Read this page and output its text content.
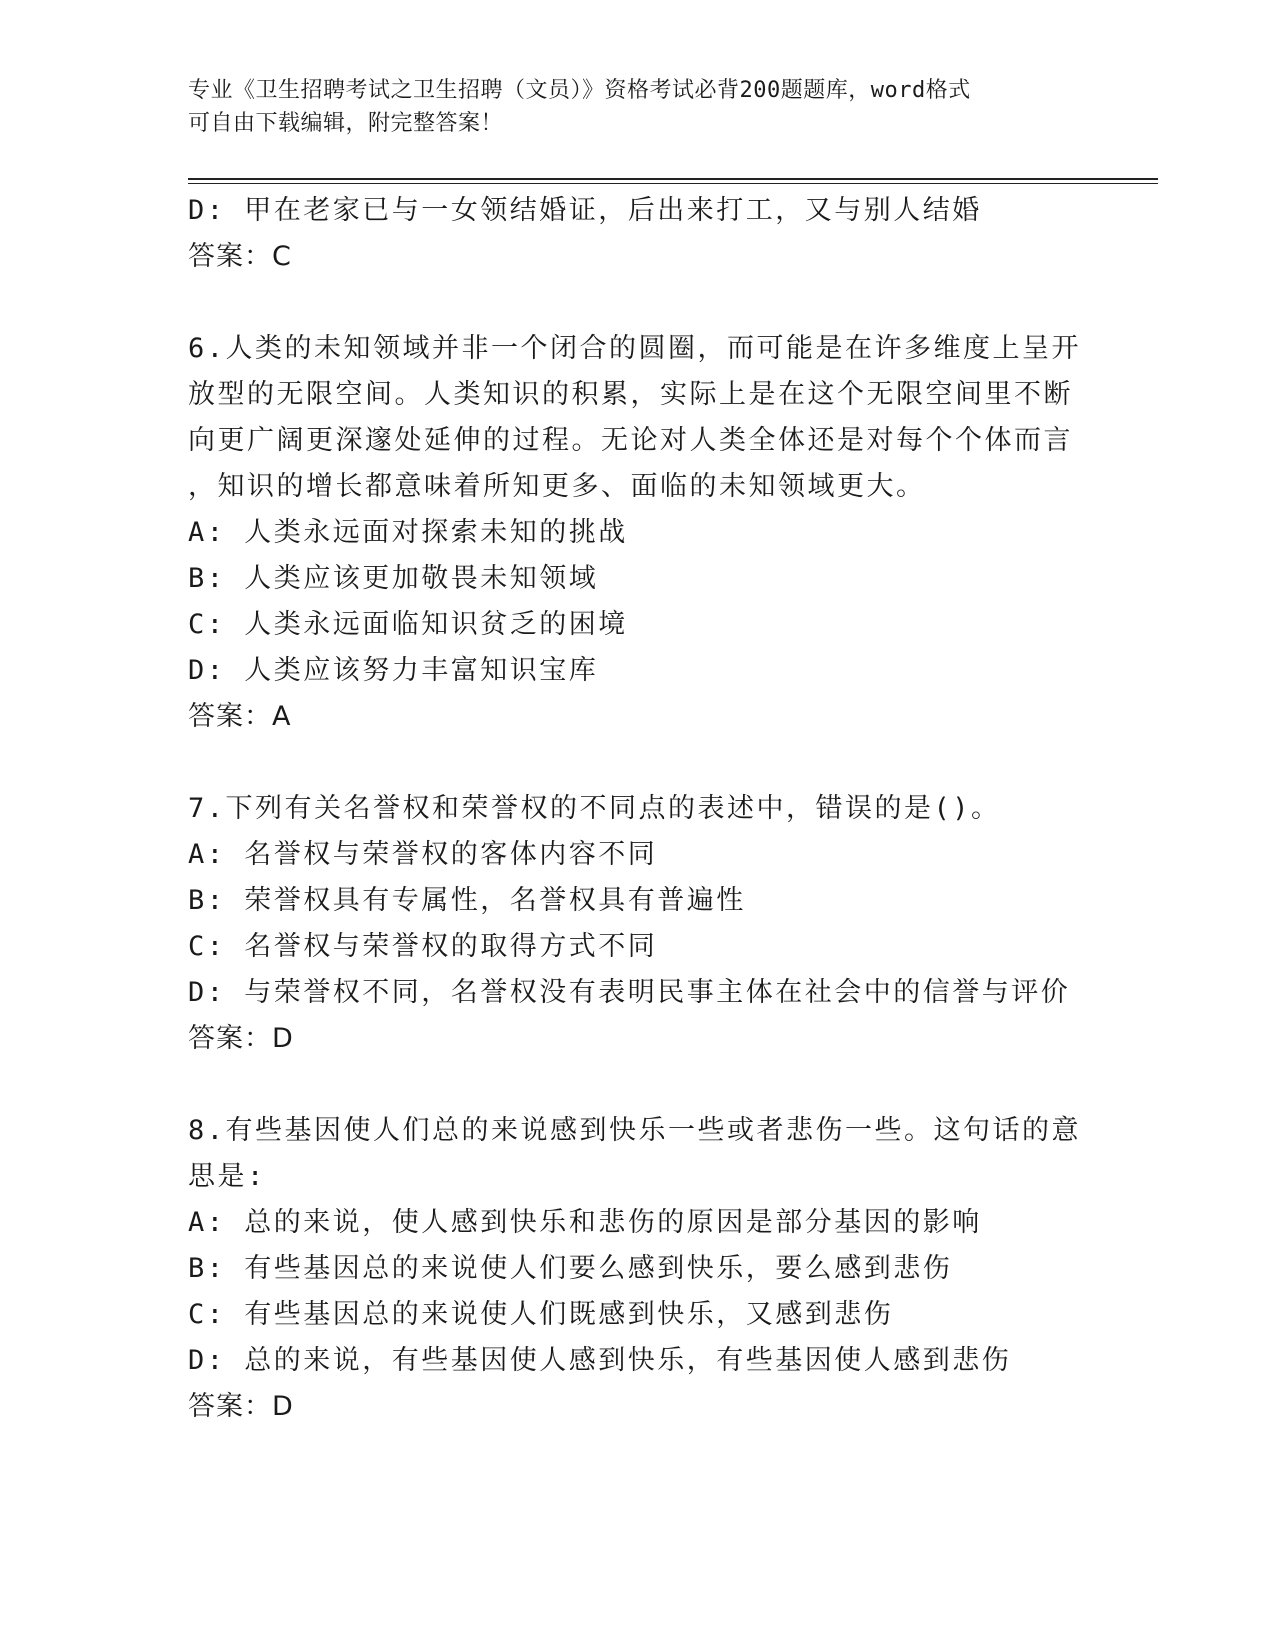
专业《卫生招聘考试之卫生招聘（文员）》资格考试必背200题题库，word格式
可自由下载编辑，附完整答案！
D: 甲在老家已与一女领结婚证，后出来打工，又与别人结婚
答案：C
6.人类的未知领域并非一个闭合的圆圈，而可能是在许多维度上呈开
放型的无限空间。人类知识的积累，实际上是在这个无限空间里不断
向更广阔更深邃处延伸的过程。无论对人类全体还是对每个个体而言
，知识的增长都意味着所知更多、面临的未知领域更大。
A: 人类永远面对探索未知的挑战
B: 人类应该更加敬畏未知领域
C: 人类永远面临知识贫乏的困境
D: 人类应该努力丰富知识宝库
答案：A
7.下列有关名誉权和荣誉权的不同点的表述中，错误的是()。
A: 名誉权与荣誉权的客体内容不同
B: 荣誉权具有专属性，名誉权具有普遍性
C: 名誉权与荣誉权的取得方式不同
D: 与荣誉权不同，名誉权没有表明民事主体在社会中的信誉与评价
答案：D
8.有些基因使人们总的来说感到快乐一些或者悲伤一些。这句话的意
思是:
A: 总的来说，使人感到快乐和悲伤的原因是部分基因的影响
B: 有些基因总的来说使人们要么感到快乐，要么感到悲伤
C: 有些基因总的来说使人们既感到快乐，又感到悲伤
D: 总的来说，有些基因使人感到快乐，有些基因使人感到悲伤
答案：D
